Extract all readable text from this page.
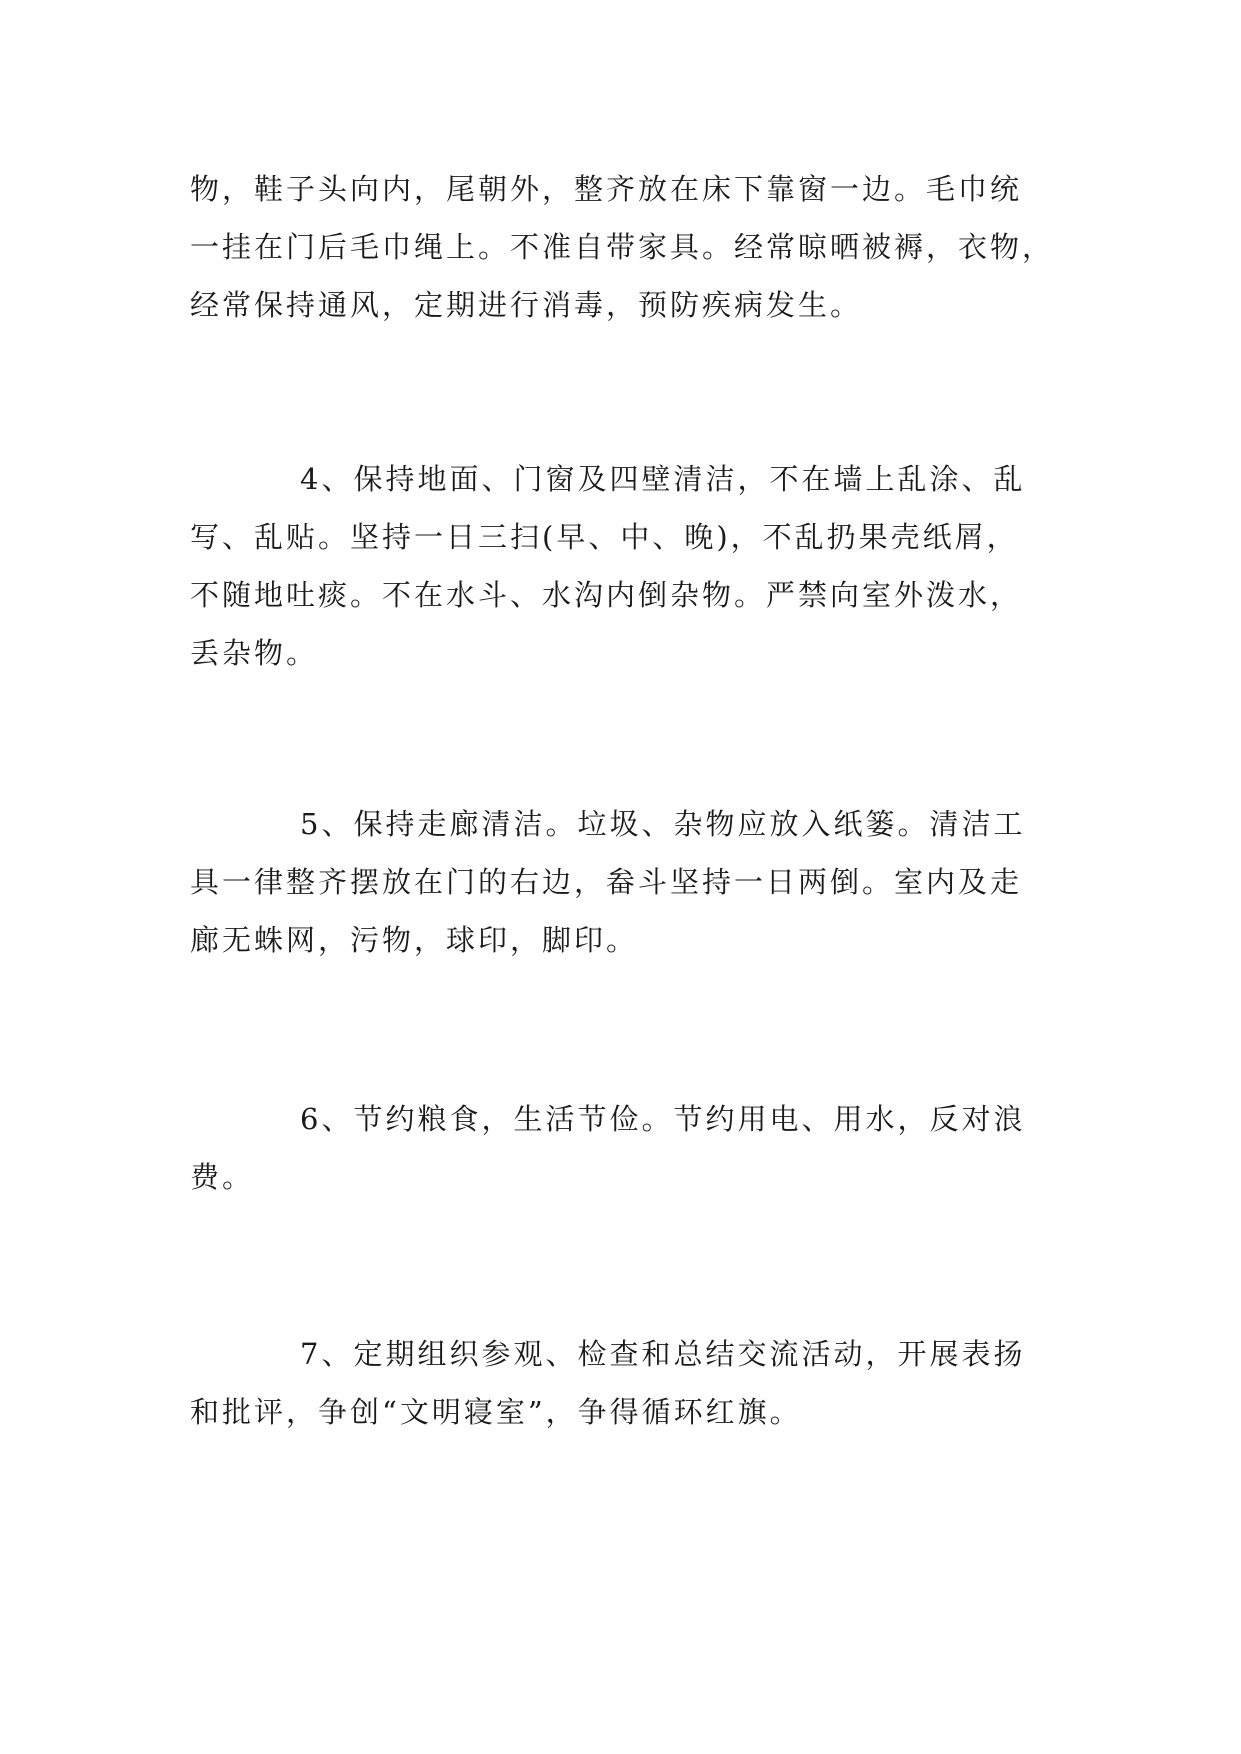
物，鞋子头向内，尾朝外，整齐放在床下靠窗一边。毛巾统
一挂在门后毛巾绳上。不准自带家具。经常晾晒被褥，衣物，
经常保持通风，定期进行消毒，预防疾病发生。
4、保持地面、门窗及四壁清洁，不在墙上乱涂、乱
写、乱贴。坚持一日三扫(早、中、晚)，不乱扔果壳纸屑，
不随地吐痰。不在水斗、水沟内倒杂物。严禁向室外泼水，
丢杂物。
5、保持走廊清洁。垃圾、杂物应放入纸篓。清洁工
具一律整齐摆放在门的右边，畚斗坚持一日两倒。室内及走
廊无蛛网，污物，球印，脚印。
6、节约粮食，生活节俭。节约用电、用水，反对浪
费。
7、定期组织参观、检查和总结交流活动，开展表扬
和批评，争创“文明寝室”，争得循环红旗。
